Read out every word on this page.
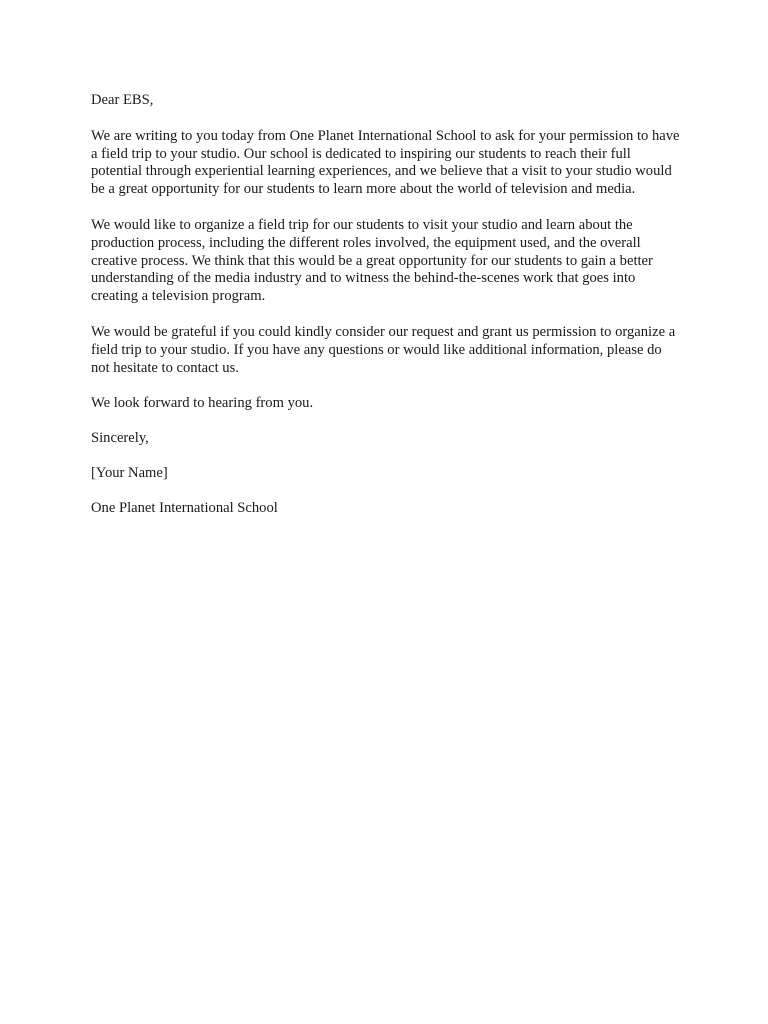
Dear EBS,

We are writing to you today from One Planet International School to ask for your permission to have a field trip to your studio. Our school is dedicated to inspiring our students to reach their full potential through experiential learning experiences, and we believe that a visit to your studio would be a great opportunity for our students to learn more about the world of television and media.

We would like to organize a field trip for our students to visit your studio and learn about the production process, including the different roles involved, the equipment used, and the overall creative process. We think that this would be a great opportunity for our students to gain a better understanding of the media industry and to witness the behind-the-scenes work that goes into creating a television program.

We would be grateful if you could kindly consider our request and grant us permission to organize a field trip to your studio. If you have any questions or would like additional information, please do not hesitate to contact us.

We look forward to hearing from you.

Sincerely,

[Your Name]

One Planet International School
